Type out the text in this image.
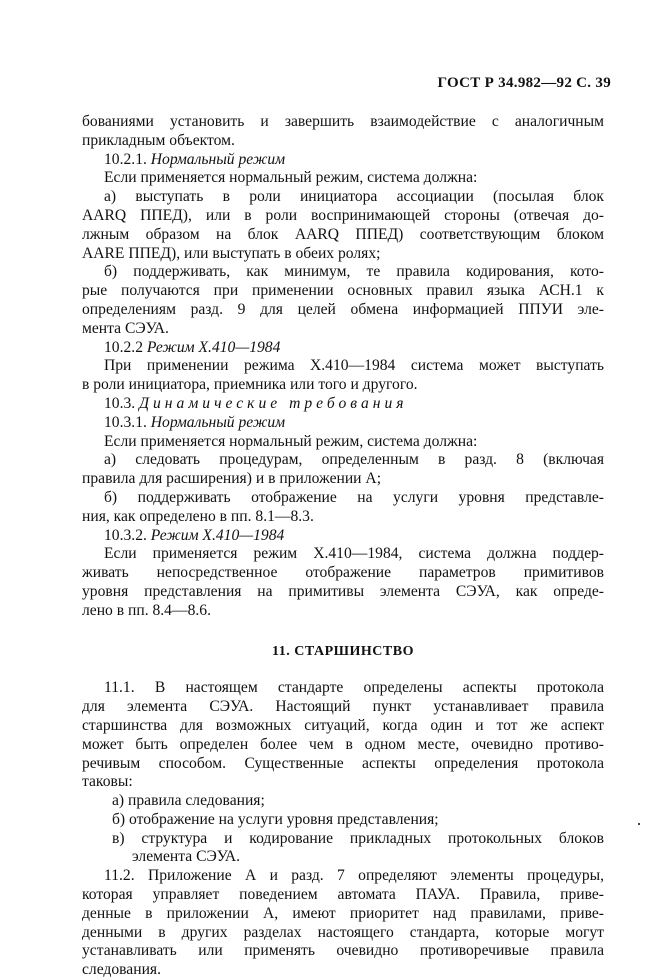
ГОСТ Р 34.982—92 С. 39
бованиями установить и завершить взаимодействие с аналогичным
прикладным объектом.
10.2.1. Нормальный режим
Если применяется нормальный режим, система должна:
а) выступать в роли инициатора ассоциации (посылая блок
AARQ ППЕД), или в роли воспринимающей стороны (отвечая до-
лжным образом на блок AARQ ППЕД) соответствующим блоком
AARE ППЕД), или выступать в обеих ролях;
б) поддерживать, как минимум, те правила кодирования, кото-
рые получаются при применении основных правил языка АСН.1 к
определениям разд. 9 для целей обмена информацией ППУИ эле-
мента СЭУА.
10.2.2 Режим X.410—1984
При применении режима X.410—1984 система может выступать
в роли инициатора, приемника или того и другого.
10.3. Динамические требования
10.3.1. Нормальный режим
Если применяется нормальный режим, система должна:
а) следовать процедурам, определенным в разд. 8 (включая
правила для расширения) и в приложении А;
б) поддерживать отображение на услуги уровня представле-
ния, как определено в пп. 8.1—8.3.
10.3.2. Режим X.410—1984
Если применяется режим X.410—1984, система должна поддер-
живать непосредственное отображение параметров примитивов
уровня представления на примитивы элемента СЭУА, как опреде-
лено в пп. 8.4—8.6.
11. СТАРШИНСТВО
11.1. В настоящем стандарте определены аспекты протокола
для элемента СЭУА. Настоящий пункт устанавливает правила
старшинства для возможных ситуаций, когда один и тот же аспект
может быть определен более чем в одном месте, очевидно противо-
речивым способом. Существенные аспекты определения протокола
таковы:
а) правила следования;
б) отображение на услуги уровня представления;
в) структура и кодирование прикладных протокольных блоков
элемента СЭУА.
11.2. Приложение А и разд. 7 определяют элементы процедуры,
которая управляет поведением автомата ПАУА. Правила, приве-
денные в приложении А, имеют приоритет над правилами, приве-
денными в других разделах настоящего стандарта, которые могут
устанавливать или применять очевидно противоречивые правила
следования.
